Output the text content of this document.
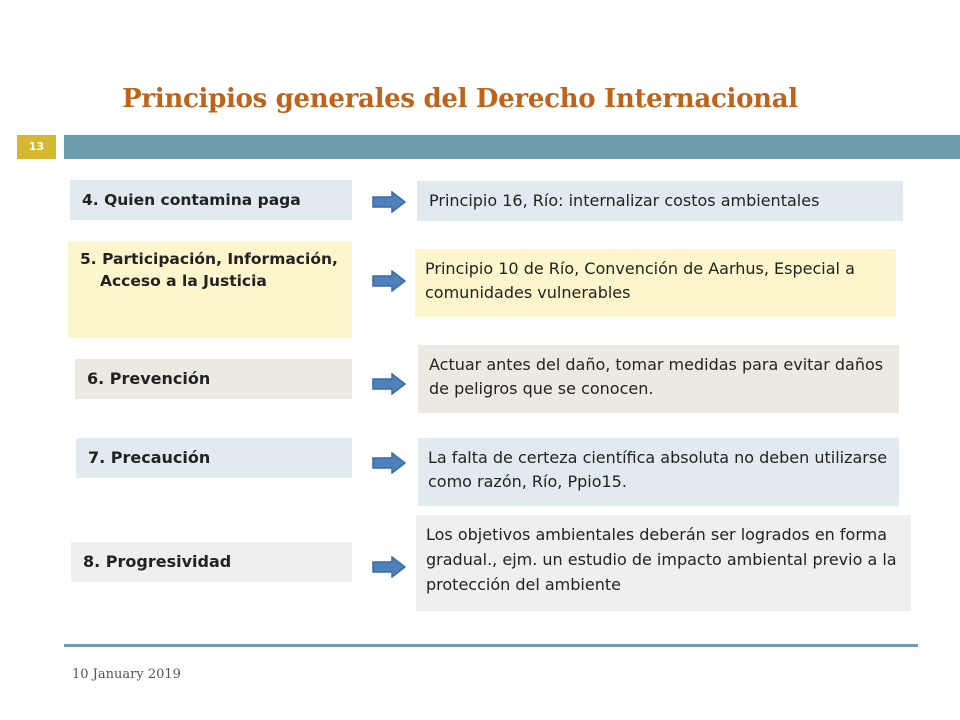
Principios generales del Derecho Internacional
13
4. Quien contamina paga	Principio 16, Río: internalizar costos ambientales
5. Participación, Información, Acceso a la Justicia
Principio 10 de Río, Convención de Aarhus, Especial a comunidades vulnerables
6. Prevención
Actuar antes del daño, tomar medidas para evitar daños de peligros que se conocen.
7. Precaución	La falta de certeza científica absoluta no deben utilizarse como razón, Río, Ppio15.
8. Progresividad
Los objetivos ambientales deberán ser logrados en forma gradual., ejm. un estudio de impacto ambiental previo a la protección del ambiente
10 January 2019
